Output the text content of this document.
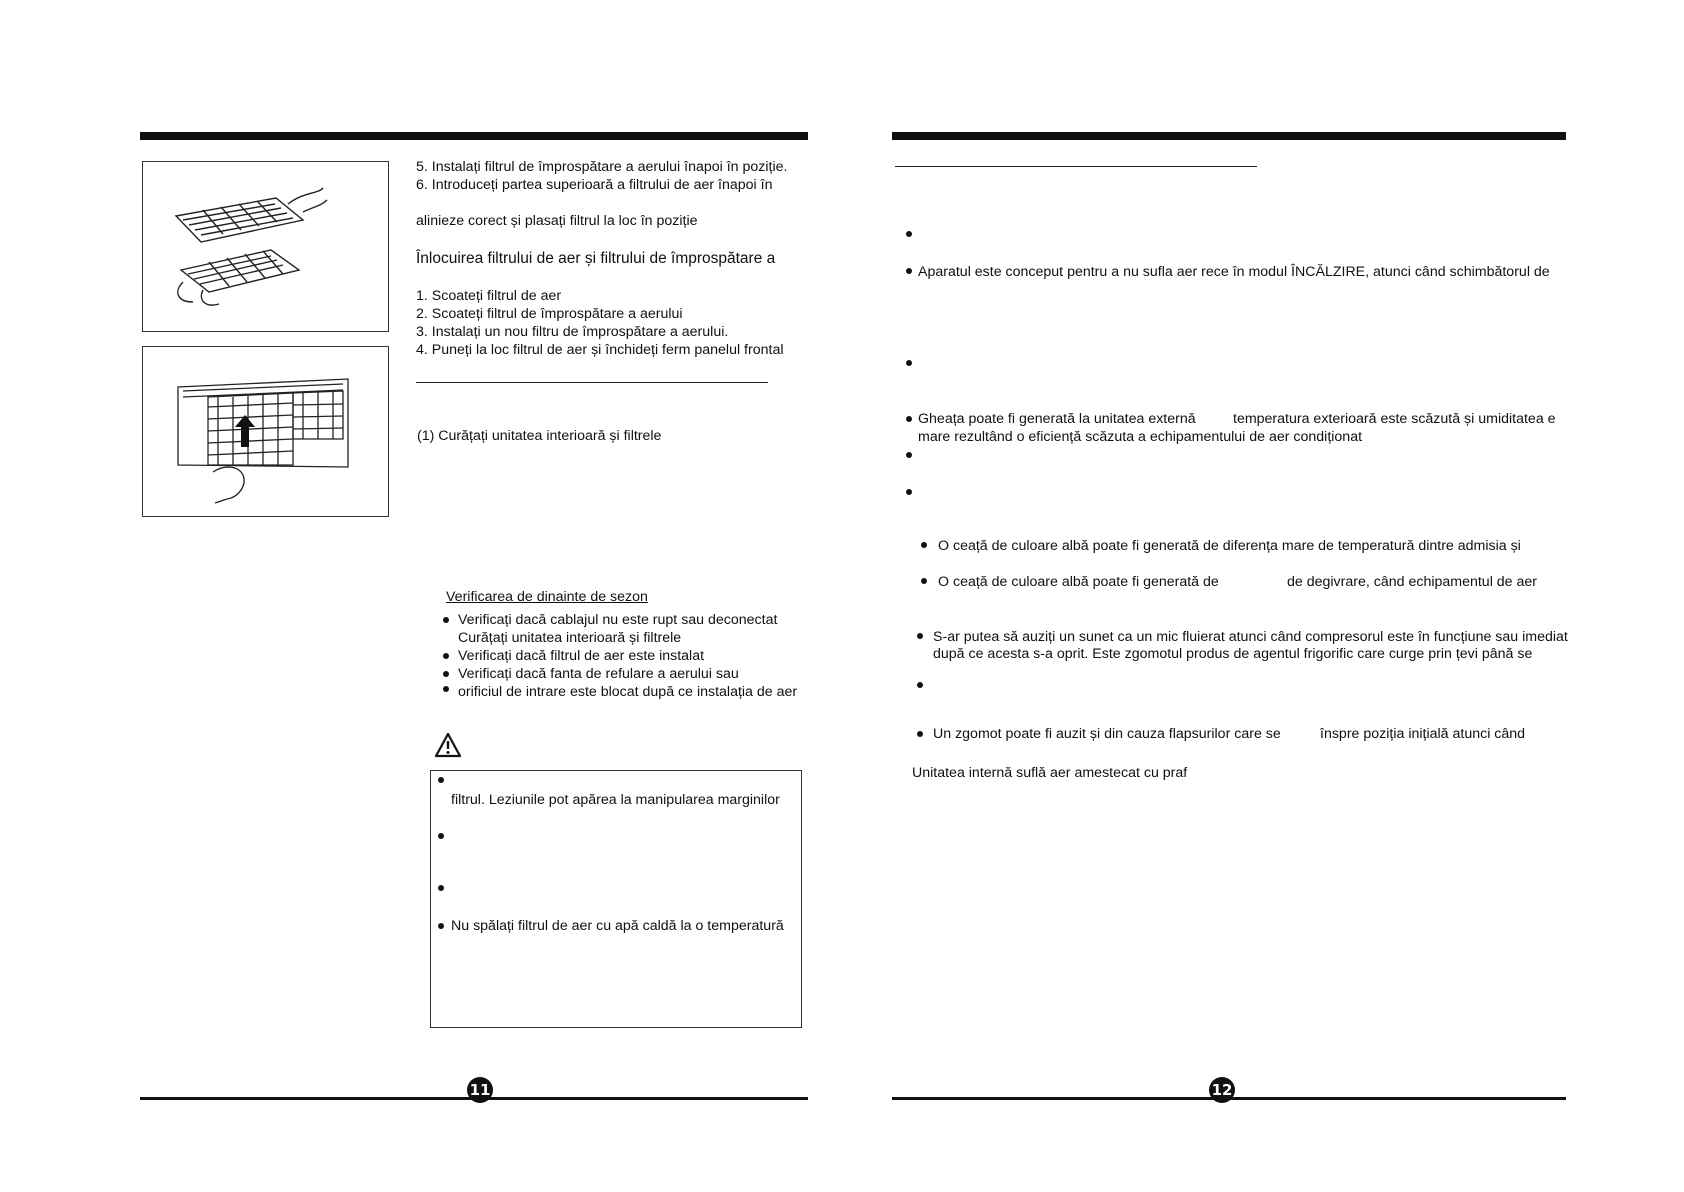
5. Instalați filtrul de împrospătare a aerului înapoi în poziție.
6. Introduceți partea superioară a filtrului de aer înapoi în
alinieze corect și plasați filtrul la loc în poziție
Înlocuirea filtrului de aer și filtrului de împrospătare a
1. Scoateți filtrul de aer
2. Scoateți filtrul de împrospătare a aerului
3. Instalați un nou filtru de împrospătare a aerului.
4. Puneți la loc filtrul de aer și închideți ferm panelul frontal
(1) Curățați unitatea interioară și filtrele
Verificarea de dinainte de sezon
Verificați dacă cablajul nu este rupt sau deconectat
Curățați unitatea interioară și filtrele
Verificați dacă filtrul de aer este instalat
Verificați dacă fanta de refulare a aerului sau
orificiul de intrare este blocat după ce instalația de aer
filtrul. Leziunile pot apărea la manipularea marginilor
Nu spălați filtrul de aer cu apă caldă la o temperatură
11
Aparatul este conceput pentru a nu sufla aer rece în modul ÎNCĂLZIRE, atunci când schimbătorul de
Gheața poate fi generată la unitatea externă	temperatura exterioară este scăzută și umiditatea e
mare rezultând o eficiență scăzuta a echipamentului de aer condiționat
O ceață de culoare albă poate fi generată de diferența mare de temperatură dintre admisia și
O ceață de culoare albă poate fi generată de	de degivrare, când echipamentul de aer
S-ar putea să auziți un sunet ca un mic fluierat atunci când compresorul este în funcțiune sau imediat
după ce acesta s-a oprit. Este zgomotul produs de agentul frigorific care curge prin țevi până se
Un zgomot poate fi auzit și din cauza flapsurilor care se	înspre poziția inițială atunci când
Unitatea internă suflă aer amestecat cu praf
12
